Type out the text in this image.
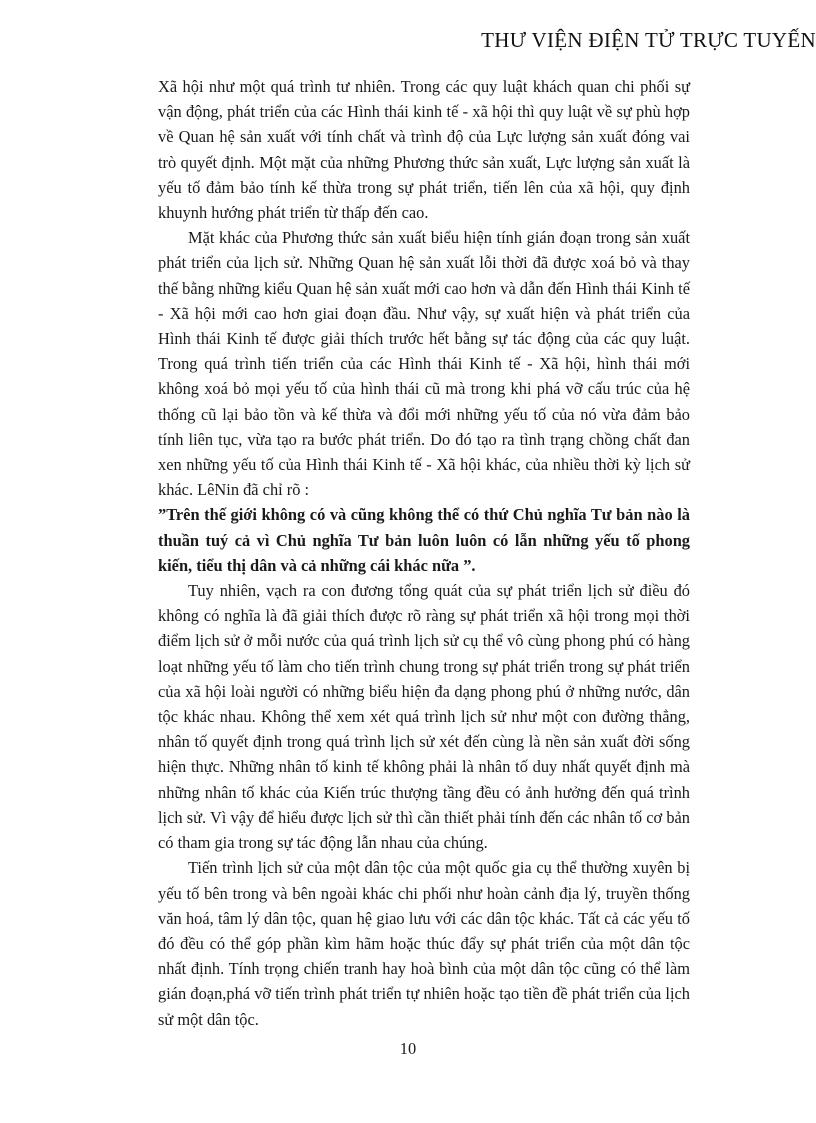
THƯ VIỆN ĐIỆN TỬ TRỰC TUYẾN

Xã hội như một quá trình tư nhiên. Trong các quy luật khách quan chi phối sự vận động, phát triển của các Hình thái kinh tế - xã hội thì quy luật về sự phù hợp về Quan hệ sản xuất với tính chất và trình độ của Lực lượng sản xuất đóng vai trò quyết định. Một mặt của những Phương thức sản xuất, Lực lượng sản xuất là yếu tố đảm bảo tính kế thừa trong sự phát triển, tiến lên của xã hội, quy định khuynh hướng phát triển từ thấp đến cao.

Mặt khác của Phương thức sản xuất biểu hiện tính gián đoạn trong sản xuất phát triển của lịch sử. Những Quan hệ sản xuất lỗi thời đã được xoá bỏ và thay thế bằng những kiểu Quan hệ sản xuất mới cao hơn và dẫn đến Hình thái Kinh tế - Xã hội mới cao hơn giai đoạn đầu. Như vậy, sự xuất hiện và phát triển của Hình thái Kinh tế được giải thích trước hết bằng sự tác động của các quy luật. Trong quá trình tiến triển của các Hình thái Kinh tế - Xã hội, hình thái mới không xoá bỏ mọi yếu tố của hình thái cũ mà trong khi phá vỡ cấu trúc của hệ thống cũ lại bảo tồn và kế thừa và đổi mới những yếu tố của nó vừa đảm bảo tính liên tục, vừa tạo ra bước phát triển. Do đó tạo ra tình trạng chồng chất đan xen những yếu tố của Hình thái Kinh tế - Xã hội khác, của nhiều thời kỳ lịch sử khác. LêNin đã chỉ rõ :

”Trên thế giới không có và cũng không thể có thứ Chủ nghĩa Tư bản nào là thuần tuý cả vì Chủ nghĩa Tư bản luôn luôn có lẫn những yếu tố phong kiến, tiểu thị dân và cả những cái khác nữa ”.

Tuy nhiên, vạch ra con đương tổng quát của sự phát triển lịch sử điều đó không có nghĩa là đã giải thích được rõ ràng sự phát triển xã hội trong mọi thời điểm lịch sử ở mỗi nước của quá trình lịch sử cụ thể vô cùng phong phú có hàng loạt những yếu tố làm cho tiến trình chung trong sự phát triển trong sự phát triển của xã hội loài người có những biểu hiện đa dạng phong phú ở những nước, dân tộc khác nhau. Không thể xem xét quá trình lịch sử như một con đường thẳng, nhân tố quyết định trong quá trình lịch sử xét đến cùng là nền sản xuất đời sống hiện thực. Những nhân tố kinh tế không phải là nhân tố duy nhất quyết định mà những nhân tố khác của Kiến trúc thượng tầng đều có ảnh hưởng đến quá trình lịch sử. Vì vậy để hiểu được lịch sử thì cần thiết phải tính đến các nhân tố cơ bản có tham gia trong sự tác động lẫn nhau của chúng.

Tiến trình lịch sử của một dân tộc của một quốc gia cụ thể thường xuyên bị yếu tố bên trong và bên ngoài khác chi phối như hoàn cảnh địa lý, truyền thống văn hoá, tâm lý dân tộc, quan hệ giao lưu với các dân tộc khác. Tất cả các yếu tố đó đều có thể góp phần kìm hãm hoặc thúc đẩy sự phát triển của một dân tộc nhất định. Tính trọng chiến tranh hay hoà bình của một dân tộc cũng có thể làm gián đoạn,phá vỡ tiến trình phát triển tự nhiên hoặc tạo tiền đề phát triển của lịch sử một dân tộc.

10
